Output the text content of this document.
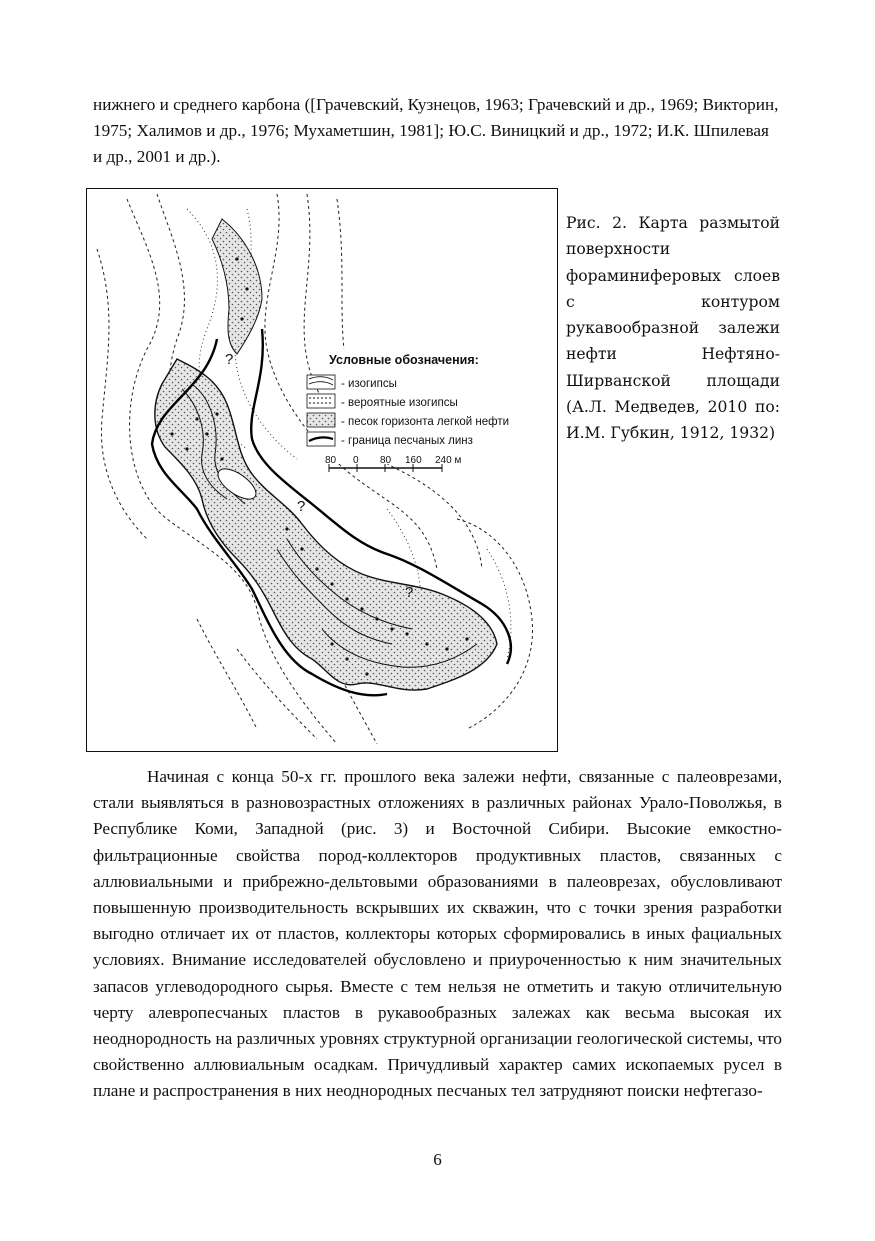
нижнего и среднего карбона ([Грачевский, Кузнецов, 1963; Грачевский и др., 1969; Викторин, 1975; Халимов и др., 1976; Мухаметшин, 1981]; Ю.С. Виницкий и др., 1972; И.К. Шпилевая и др., 2001 и др.).

?
?
?
Условные обозначения:
- изогипсы
- вероятные изогипсы
- песок горизонта легкой нефти
- граница песчаных линз
80 0 80 160 240 м
Рис. 2. Карта размытой поверхности фораминиферовых слоев с контуром рукавообразной залежи нефти Нефтяно-Ширванской площади (А.Л. Медведев, 2010 по: И.М. Губкин, 1912, 1932)

Начиная с конца 50-х гг. прошлого века залежи нефти, связанные с палеоврезами, стали выявляться в разновозрастных отложениях в различных районах Урало-Поволжья, в Республике Коми, Западной (рис. 3) и Восточной Сибири. Высокие емкостно-фильтрационные свойства пород-коллекторов продуктивных пластов, связанных с аллювиальными и прибрежно-дельтовыми образованиями в палеоврезах, обусловливают повышенную производительность вскрывших их скважин, что с точки зрения разработки выгодно отличает их от пластов, коллекторы которых сформировались в иных фациальных условиях. Внимание исследователей обусловлено и приуроченностью к ним значительных запасов углеводородного сырья. Вместе с тем нельзя не отметить и такую отличительную черту алевропесчаных пластов в рукавообразных залежах как весьма высокая их неоднородность на различных уровнях структурной организации геологической системы, что свойственно аллювиальным осадкам. Причудливый характер самих ископаемых русел в плане и распространения в них неоднородных песчаных тел затрудняют поиски нефтегазо-

6
